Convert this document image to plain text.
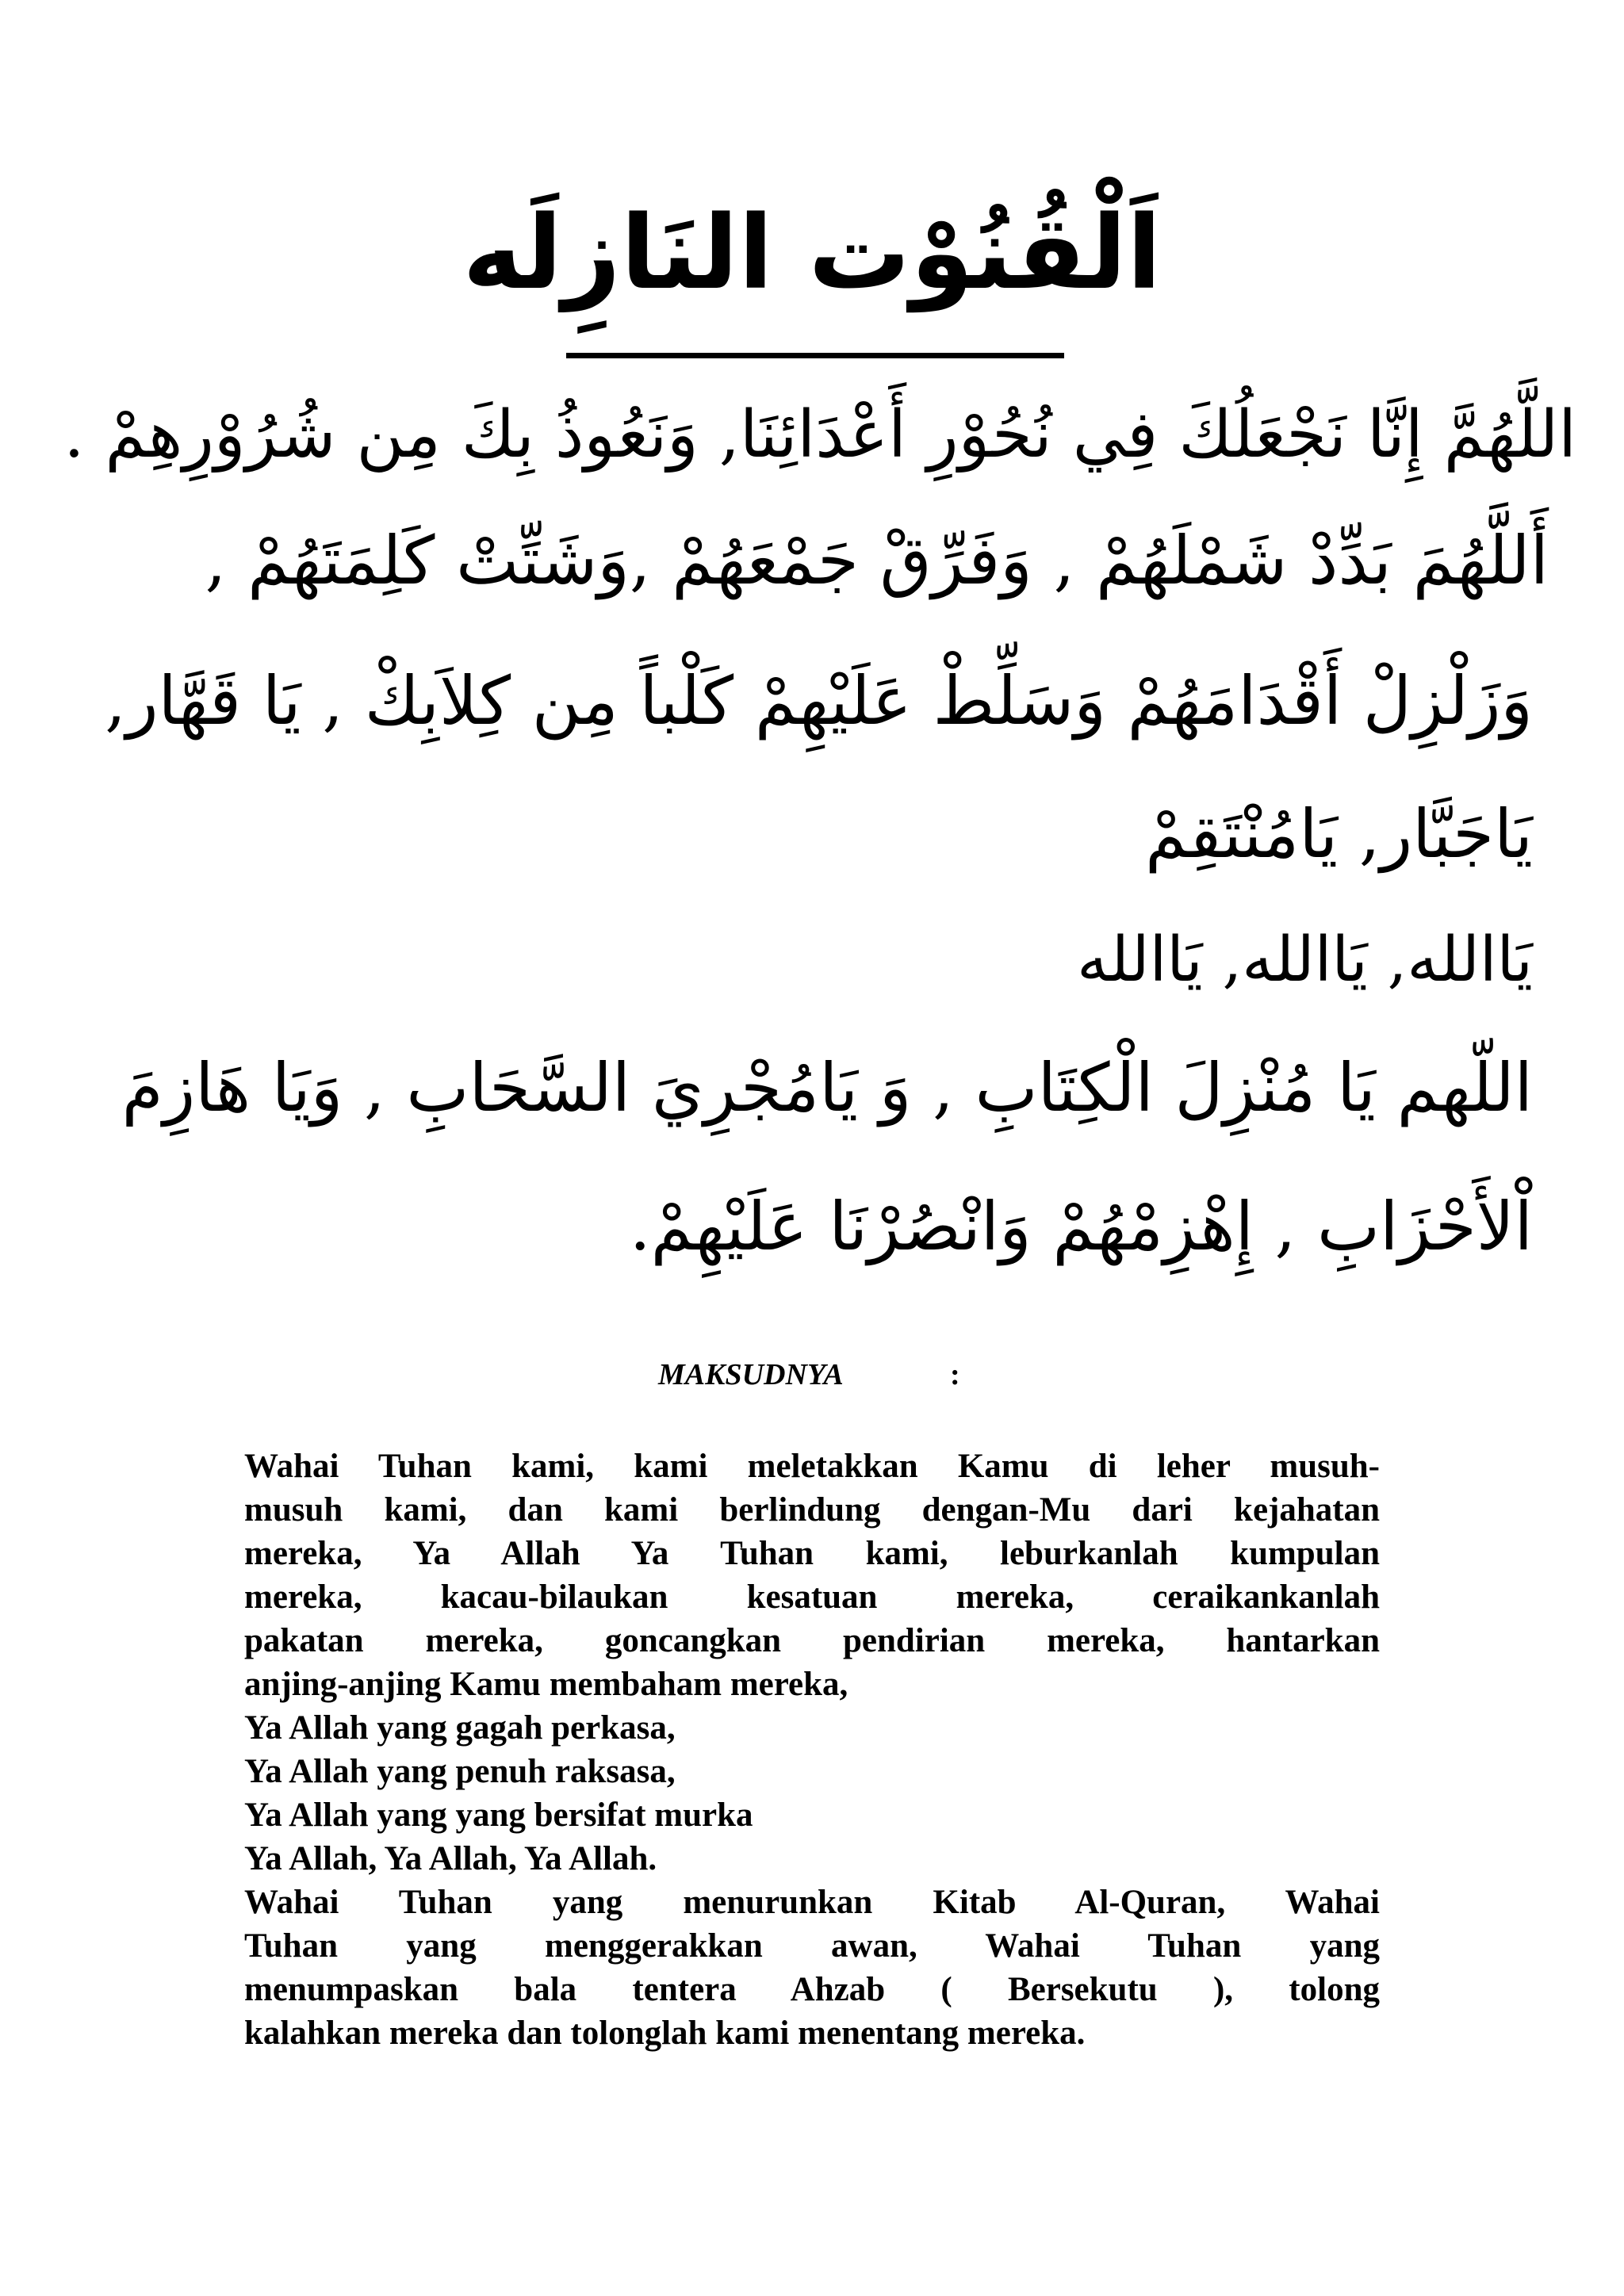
اَلْقُنُوْت النَازِلَه
اللَّهُمَّ إِنَّا نَجْعَلُكَ فِي نُحُوْرِ أَعْدَائِنَا, وَنَعُوذُ بِكَ مِن شُرُوْرِهِمْ .
أَللَّهُمَ بَدِّدْ شَمْلَهُمْ , وَفَرِّقْ جَمْعَهُمْ ,وَشَتِّتْ كَلِمَتَهُمْ ,
وَزَلْزِلْ أَقْدَامَهُمْ وَسَلِّطْ عَلَيْهِمْ كَلْباً مِن كِلاَبِكْ , يَا قَهَّار,
يَاجَبَّار, يَامُنْتَقِمْ
يَاالله, يَاالله, يَاالله
اللّهم يَا مُنْزِلَ الْكِتَابِ , وَ يَامُجْرِيَ السَّحَابِ , وَيَا هَازِمَ
اْلأَحْزَابِ , إِهْزِمْهُمْ وَانْصُرْنَا عَلَيْهِمْ.
MAKSUDNYA	:
Wahai Tuhan kami, kami meletakkan Kamu di leher musuh-
musuh kami, dan kami berlindung dengan-Mu dari kejahatan
mereka, Ya Allah Ya Tuhan kami, leburkanlah kumpulan
mereka, kacau-bilaukan kesatuan mereka, ceraikankanlah
pakatan mereka, goncangkan pendirian mereka, hantarkan
anjing-anjing Kamu membaham mereka,
Ya Allah yang gagah perkasa,
Ya Allah yang penuh raksasa,
Ya Allah yang yang bersifat murka
Ya Allah, Ya Allah, Ya Allah.
Wahai Tuhan yang menurunkan Kitab Al-Quran, Wahai
Tuhan yang menggerakkan awan, Wahai Tuhan yang
menumpaskan bala tentera Ahzab ( Bersekutu ), tolong
kalahkan mereka dan tolonglah kami menentang mereka.
